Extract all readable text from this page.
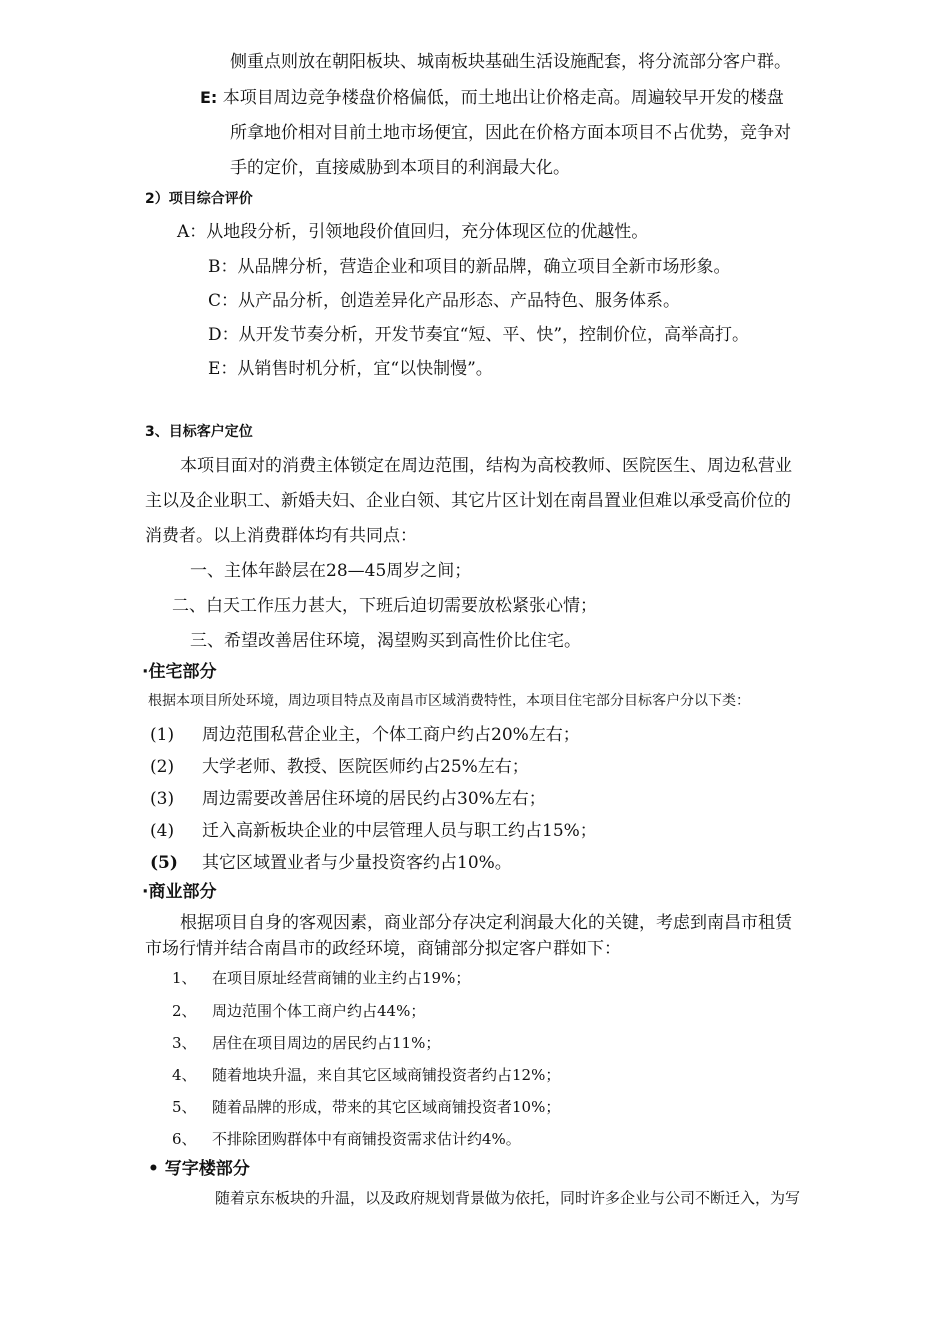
侧重点则放在朝阳板块、城南板块基础生活设施配套，将分流部分客户群。
E: 本项目周边竞争楼盘价格偏低，而土地出让价格走高。周遍较早开发的楼盘
所拿地价相对目前土地市场便宜，因此在价格方面本项目不占优势，竞争对
手的定价，直接威胁到本项目的利润最大化。
2）项目综合评价
A：从地段分析，引领地段价值回归，充分体现区位的优越性。
B：从品牌分析，营造企业和项目的新品牌，确立项目全新市场形象。
C：从产品分析，创造差异化产品形态、产品特色、服务体系。
D：从开发节奏分析，开发节奏宜“短、平、快”，控制价位，高举高打。
E：从销售时机分析，宜“以快制慢”。
3、目标客户定位
本项目面对的消费主体锁定在周边范围，结构为高校教师、医院医生、周边私营业
主以及企业职工、新婚夫妇、企业白领、其它片区计划在南昌置业但难以承受高价位的
消费者。以上消费群体均有共同点：
一、主体年龄层在28—45周岁之间；
二、白天工作压力甚大，下班后迫切需要放松紧张心情；
三、希望改善居住环境，渴望购买到高性价比住宅。
·住宅部分
根据本项目所处环境，周边项目特点及南昌市区域消费特性，本项目住宅部分目标客户分以下类：
(1) 周边范围私营企业主，个体工商户约占20%左右；
(2) 大学老师、教授、医院医师约占25%左右；
(3) 周边需要改善居住环境的居民约占30%左右；
(4) 迁入高新板块企业的中层管理人员与职工约占15%；
(5) 其它区域置业者与少量投资客约占10%。
·商业部分
根据项目自身的客观因素，商业部分存决定利润最大化的关键，考虑到南昌市租赁
市场行情并结合南昌市的政经环境，商铺部分拟定客户群如下：
1、 在项目原址经营商铺的业主约占19%；
2、 周边范围个体工商户约占44%；
3、 居住在项目周边的居民约占11%；
4、 随着地块升温，来自其它区域商铺投资者约占12%；
5、 随着品牌的形成，带来的其它区域商铺投资者10%；
6、 不排除团购群体中有商铺投资需求估计约4%。
• 写字楼部分
随着京东板块的升温，以及政府规划背景做为依托，同时许多企业与公司不断迁入，为写
